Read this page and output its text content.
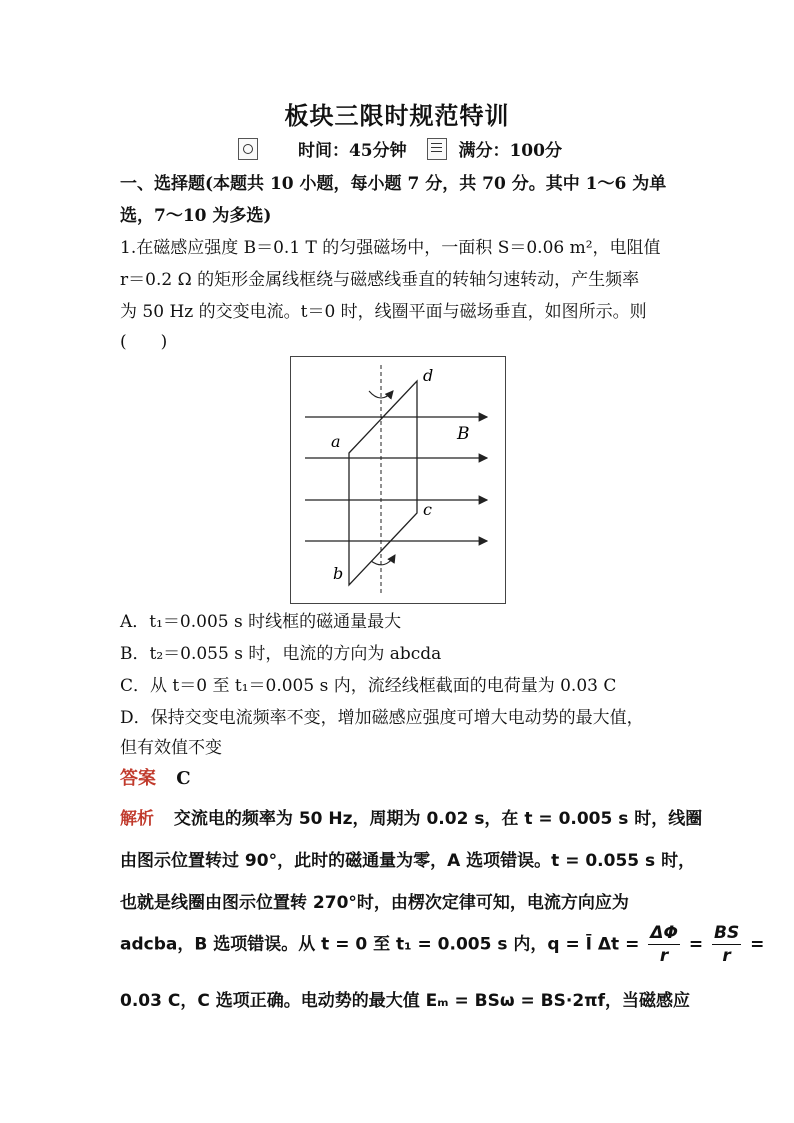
板块三限时规范特训
时间：45分钟	满分：100分
一、选择题(本题共 10 小题，每小题 7 分，共 70 分。其中 1～6 为单
选，7～10 为多选)
1.在磁感应强度 B＝0.1 T 的匀强磁场中，一面积 S＝0.06 m²，电阻值
r＝0.2 Ω 的矩形金属线框绕与磁感线垂直的转轴匀速转动，产生频率
为 50 Hz 的交变电流。t＝0 时，线圈平面与磁场垂直，如图所示。则
(　　)
d
a	B
c
b
A．t₁＝0.005 s 时线框的磁通量最大
B．t₂＝0.055 s 时，电流的方向为 abcda
C．从 t＝0 至 t₁＝0.005 s 内，流经线框截面的电荷量为 0.03 C
D．保持交变电流频率不变，增加磁感应强度可增大电动势的最大值，
但有效值不变
答案 C
解析 交流电的频率为 50 Hz，周期为 0.02 s，在 t = 0.005 s 时，线圈
由图示位置转过 90°，此时的磁通量为零，A 选项错误。t = 0.055 s 时，
也就是线圈由图示位置转 270°时，由楞次定律可知，电流方向应为
adcba，B 选项错误。从 t = 0 至 t₁ = 0.005 s 内，q = Ī $\Delta t = \frac{\Delta\Phi}{r} = \frac{BS}{r}$ =
0.03 C，C 选项正确。电动势的最大值 Eₘ = BSω = BS·2πf，当磁感应
